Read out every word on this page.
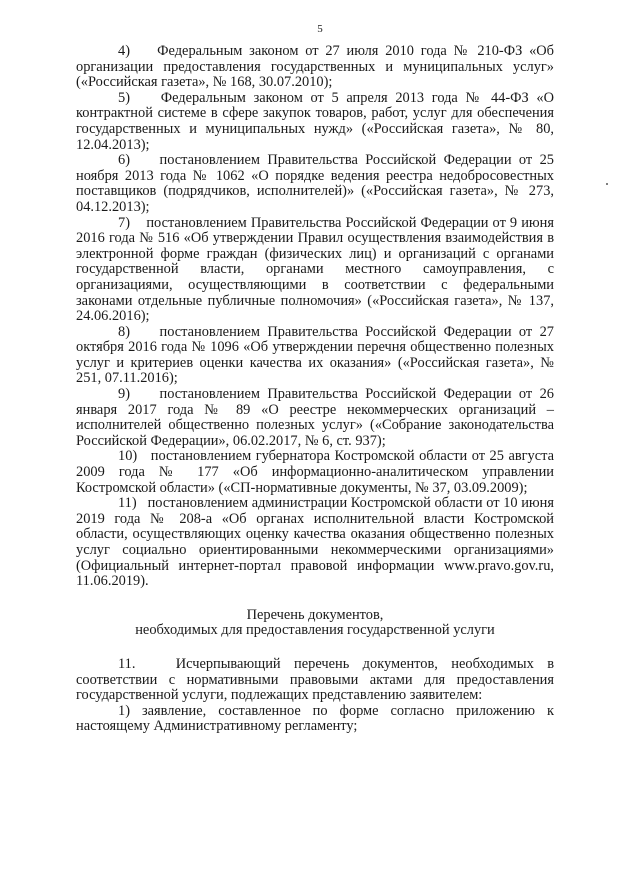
5

4)    Федеральным законом от 27 июля 2010 года № 210-ФЗ «Об организации предоставления государственных и муниципальных услуг» («Российская газета», № 168, 30.07.2010);

5)    Федеральным законом от 5 апреля 2013 года № 44-ФЗ «О контрактной системе в сфере закупок товаров, работ, услуг для обеспечения государственных и муниципальных нужд» («Российская газета», № 80, 12.04.2013);

6)    постановлением Правительства Российской Федерации от 25 ноября 2013 года № 1062 «О порядке ведения реестра недобросовестных поставщиков (подрядчиков, исполнителей)» («Российская газета», № 273, 04.12.2013);

7)    постановлением Правительства Российской Федерации от 9 июня 2016 года № 516 «Об утверждении Правил осуществления взаимодействия в электронной форме граждан (физических лиц) и организаций с органами государственной власти, органами местного самоуправления, с организациями, осуществляющими в соответствии с федеральными законами отдельные публичные полномочия» («Российская газета», № 137, 24.06.2016);

8)    постановлением Правительства Российской Федерации от 27 октября 2016 года № 1096 «Об утверждении перечня общественно полезных услуг и критериев оценки качества их оказания» («Российская газета», № 251, 07.11.2016);

9)    постановлением Правительства Российской Федерации от 26 января 2017 года № 89 «О реестре некоммерческих организаций – исполнителей общественно полезных услуг» («Собрание законодательства Российской Федерации», 06.02.2017, № 6, ст. 937);

10)   постановлением губернатора Костромской области от 25 августа 2009 года № 177 «Об информационно-аналитическом управлении Костромской области» («СП-нормативные документы, № 37, 03.09.2009);

11)   постановлением администрации Костромской области от 10 июня 2019 года № 208-а «Об органах исполнительной власти Костромской области, осуществляющих оценку качества оказания общественно полезных услуг социально ориентированными некоммерческими организациями» (Официальный интернет-портал правовой информации www.pravo.gov.ru, 11.06.2019).

Перечень документов,

необходимых для предоставления государственной услуги

11.   Исчерпывающий перечень документов, необходимых в соответствии с нормативными правовыми актами для предоставления государственной услуги, подлежащих представлению заявителем:

1) заявление, составленное по форме согласно приложению к настоящему Административному регламенту;
